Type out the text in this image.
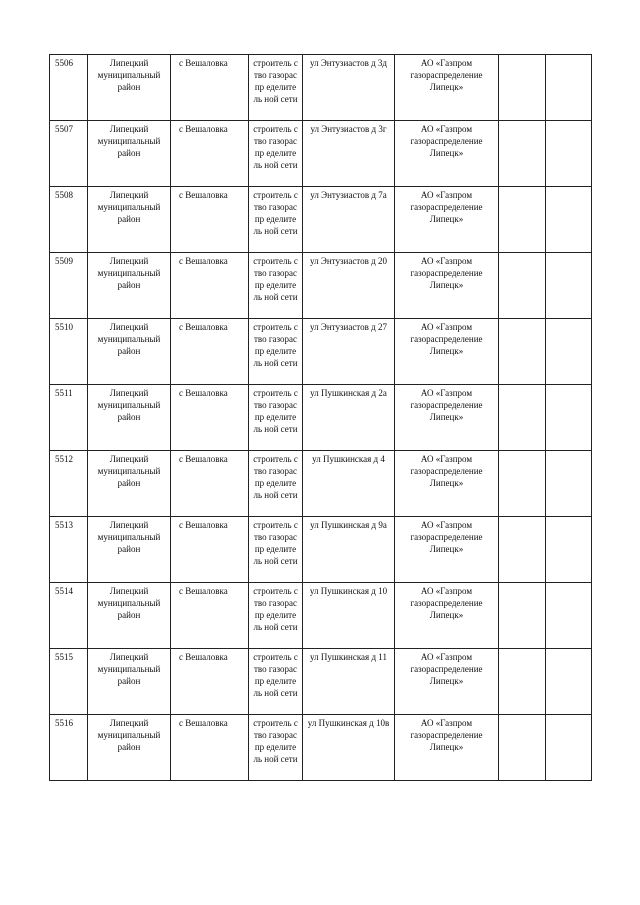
5506	Липецкий муниципальный район	с Вешаловка	строитель ство газораспр еделитель ной сети	ул Энтузиастов д 3д	АО «Газпром газораспределение Липецк»		
5507	Липецкий муниципальный район	с Вешаловка	строитель ство газораспр еделитель ной сети	ул Энтузиастов д 3г	АО «Газпром газораспределение Липецк»		
5508	Липецкий муниципальный район	с Вешаловка	строитель ство газораспр еделитель ной сети	ул Энтузиастов д 7а	АО «Газпром газораспределение Липецк»		
5509	Липецкий муниципальный район	с Вешаловка	строитель ство газораспр еделитель ной сети	ул Энтузиастов д 20	АО «Газпром газораспределение Липецк»		
5510	Липецкий муниципальный район	с Вешаловка	строитель ство газораспр еделитель ной сети	ул Энтузиастов д 27	АО «Газпром газораспределение Липецк»		
5511	Липецкий муниципальный район	с Вешаловка	строитель ство газораспр еделитель ной сети	ул Пушкинская д 2а	АО «Газпром газораспределение Липецк»		
5512	Липецкий муниципальный район	с Вешаловка	строитель ство газораспр еделитель ной сети	ул Пушкинская д 4	АО «Газпром газораспределение Липецк»		
5513	Липецкий муниципальный район	с Вешаловка	строитель ство газораспр еделитель ной сети	ул Пушкинская д 9а	АО «Газпром газораспределение Липецк»		
5514	Липецкий муниципальный район	с Вешаловка	строитель ство газораспр еделитель ной сети	ул Пушкинская д 10	АО «Газпром газораспределение Липецк»		
5515	Липецкий муниципальный район	с Вешаловка	строитель ство газораспр еделитель ной сети	ул Пушкинская д 11	АО «Газпром газораспределение Липецк»		
5516	Липецкий муниципальный район	с Вешаловка	строитель ство газораспр еделитель ной сети	ул Пушкинская д 10в	АО «Газпром газораспределение Липецк»		
